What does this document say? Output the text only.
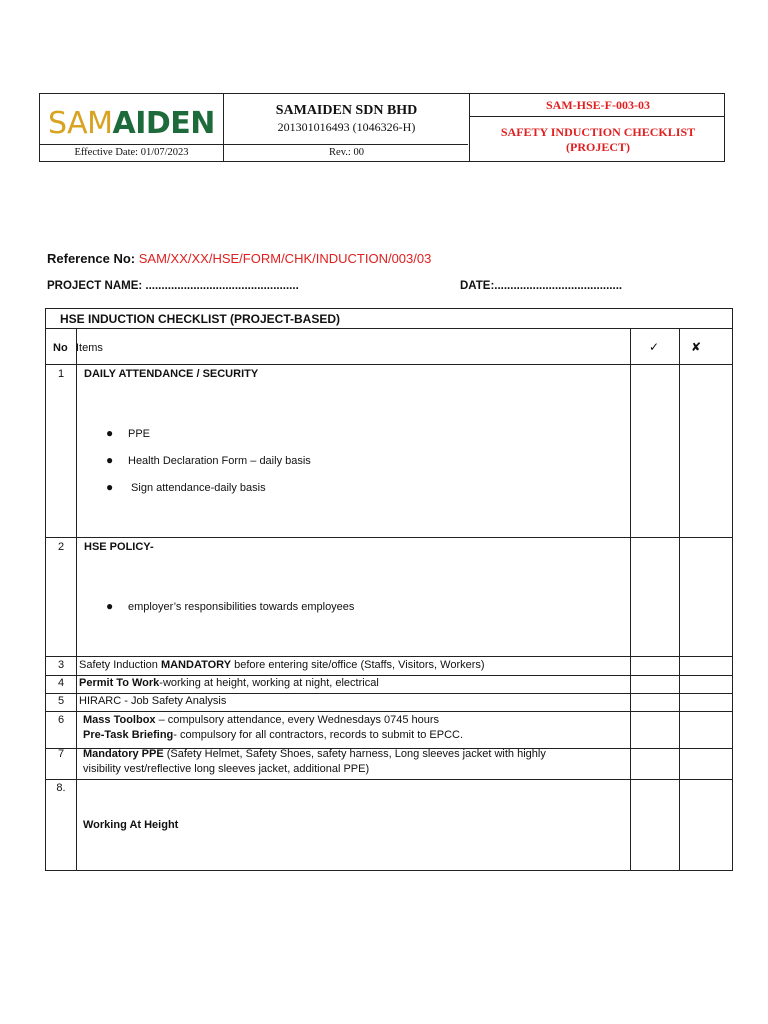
SAMAIDEN	SAMAIDEN SDN BHD
201301016493 (1046326-H)
SAM-HSE-F-003-03
SAFETY INDUCTION CHECKLIST
(PROJECT)
Effective Date: 01/07/2023	Rev.: 00
Reference No: SAM/XX/XX/HSE/FORM/CHK/INDUCTION/003/03
PROJECT NAME: ................................................	DATE:........................................
HSE INDUCTION CHECKLIST (PROJECT-BASED)
No Items	✓	✘
1	DAILY ATTENDANCE / SECURITY
● PPE
● Health Declaration Form – daily basis
● Sign attendance-daily basis
2	HSE POLICY-
● employer’s responsibilities towards employees
3	Safety Induction MANDATORY before entering site/office (Staffs, Visitors, Workers)
4	Permit To Work-working at height, working at night, electrical
5	HIRARC - Job Safety Analysis
6	Mass Toolbox – compulsory attendance, every Wednesdays 0745 hours
Pre-Task Briefing- compulsory for all contractors, records to submit to EPCC.
7	Mandatory PPE (Safety Helmet, Safety Shoes, safety harness, Long sleeves jacket with highly
visibility vest/reflective long sleeves jacket, additional PPE)
8.
Working At Height
